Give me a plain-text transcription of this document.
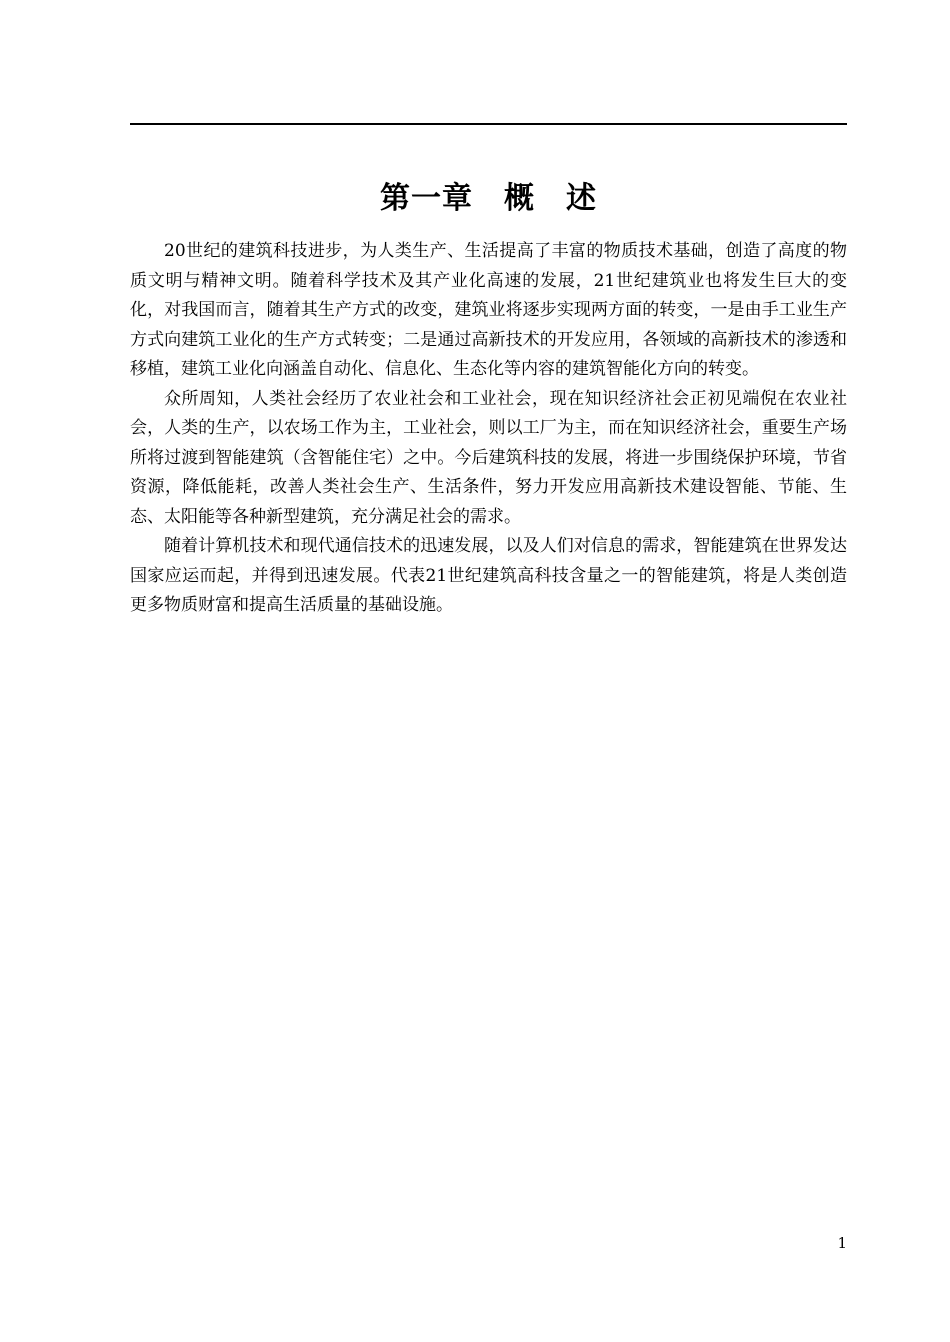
第一章　概　述

20世纪的建筑科技进步，为人类生产、生活提高了丰富的物质技术基础，创造了高度的物质文明与精神文明。随着科学技术及其产业化高速的发展，21世纪建筑业也将发生巨大的变化，对我国而言，随着其生产方式的改变，建筑业将逐步实现两方面的转变，一是由手工业生产方式向建筑工业化的生产方式转变；二是通过高新技术的开发应用，各领域的高新技术的渗透和移植，建筑工业化向涵盖自动化、信息化、生态化等内容的建筑智能化方向的转变。

众所周知，人类社会经历了农业社会和工业社会，现在知识经济社会正初见端倪在农业社会，人类的生产，以农场工作为主，工业社会，则以工厂为主，而在知识经济社会，重要生产场所将过渡到智能建筑（含智能住宅）之中。今后建筑科技的发展，将进一步围绕保护环境，节省资源，降低能耗，改善人类社会生产、生活条件，努力开发应用高新技术建设智能、节能、生态、太阳能等各种新型建筑，充分满足社会的需求。

随着计算机技术和现代通信技术的迅速发展，以及人们对信息的需求，智能建筑在世界发达国家应运而起，并得到迅速发展。代表21世纪建筑高科技含量之一的智能建筑，将是人类创造更多物质财富和提高生活质量的基础设施。

1
